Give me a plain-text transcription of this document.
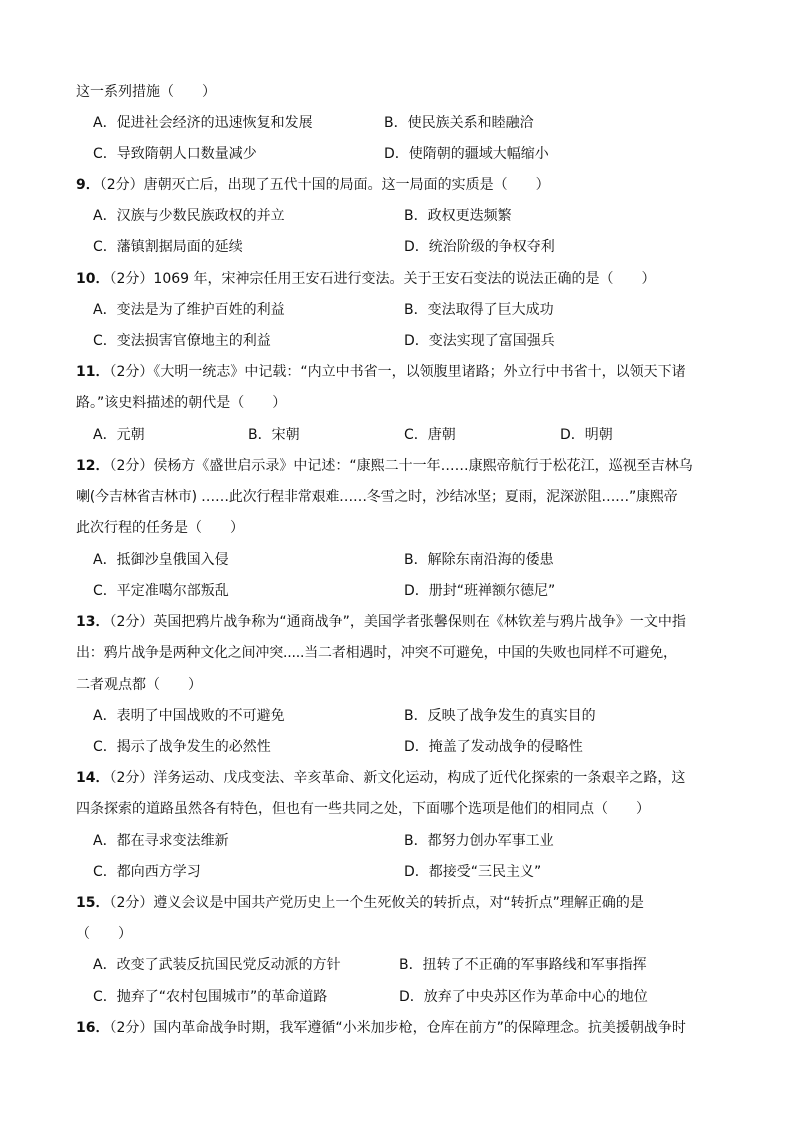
这一系列措施（　　）
A．促进社会经济的迅速恢复和发展	B．使民族关系和睦融洽
C．导致隋朝人口数量减少	D．使隋朝的疆域大幅缩小
9．（2分）唐朝灭亡后，出现了五代十国的局面。这一局面的实质是（　　）
A．汉族与少数民族政权的并立	B．政权更迭频繁
C．藩镇割据局面的延续	D．统治阶级的争权夺利
10．（2分）1069 年，宋神宗任用王安石进行变法。关于王安石变法的说法正确的是（　　）
A．变法是为了维护百姓的利益	B．变法取得了巨大成功
C．变法损害官僚地主的利益	D．变法实现了富国强兵
11．（2分）《大明一统志》中记载：“内立中书省一，以领腹里诸路；外立行中书省十，以领天下诸
路。”该史料描述的朝代是（　　）
A．元朝	B．宋朝	C．唐朝	D．明朝
12．（2分）侯杨方《盛世启示录》中记述：“康熙二十一年……康熙帝航行于松花江，巡视至吉林乌
喇(今吉林省吉林市) ……此次行程非常艰难……冬雪之时，沙结冰坚；夏雨，泥深淤阻……”康熙帝
此次行程的任务是（　　）
A．抵御沙皇俄国入侵	B．解除东南沿海的倭患
C．平定准噶尔部叛乱	D．册封“班禅额尔德尼”
13．（2分）英国把鸦片战争称为“通商战争”，美国学者张馨保则在《林钦差与鸦片战争》一文中指
出：鸦片战争是两种文化之间冲突.....当二者相遇时，冲突不可避免，中国的失败也同样不可避免，
二者观点都（　　）
A．表明了中国战败的不可避免	B．反映了战争发生的真实目的
C．揭示了战争发生的必然性	D．掩盖了发动战争的侵略性
14．（2分）洋务运动、戊戌变法、辛亥革命、新文化运动，构成了近代化探索的一条艰辛之路，这
四条探索的道路虽然各有特色，但也有一些共同之处，下面哪个选项是他们的相同点（　　）
A．都在寻求变法维新	B．都努力创办军事工业
C．都向西方学习	D．都接受“三民主义”
15．（2分）遵义会议是中国共产党历史上一个生死攸关的转折点，对“转折点”理解正确的是
（　　）
A．改变了武装反抗国民党反动派的方针	B．扭转了不正确的军事路线和军事指挥
C．抛弃了“农村包围城市”的革命道路	D．放弃了中央苏区作为革命中心的地位
16．（2分）国内革命战争时期，我军遵循“小米加步枪，仓库在前方”的保障理念。抗美援朝战争时
